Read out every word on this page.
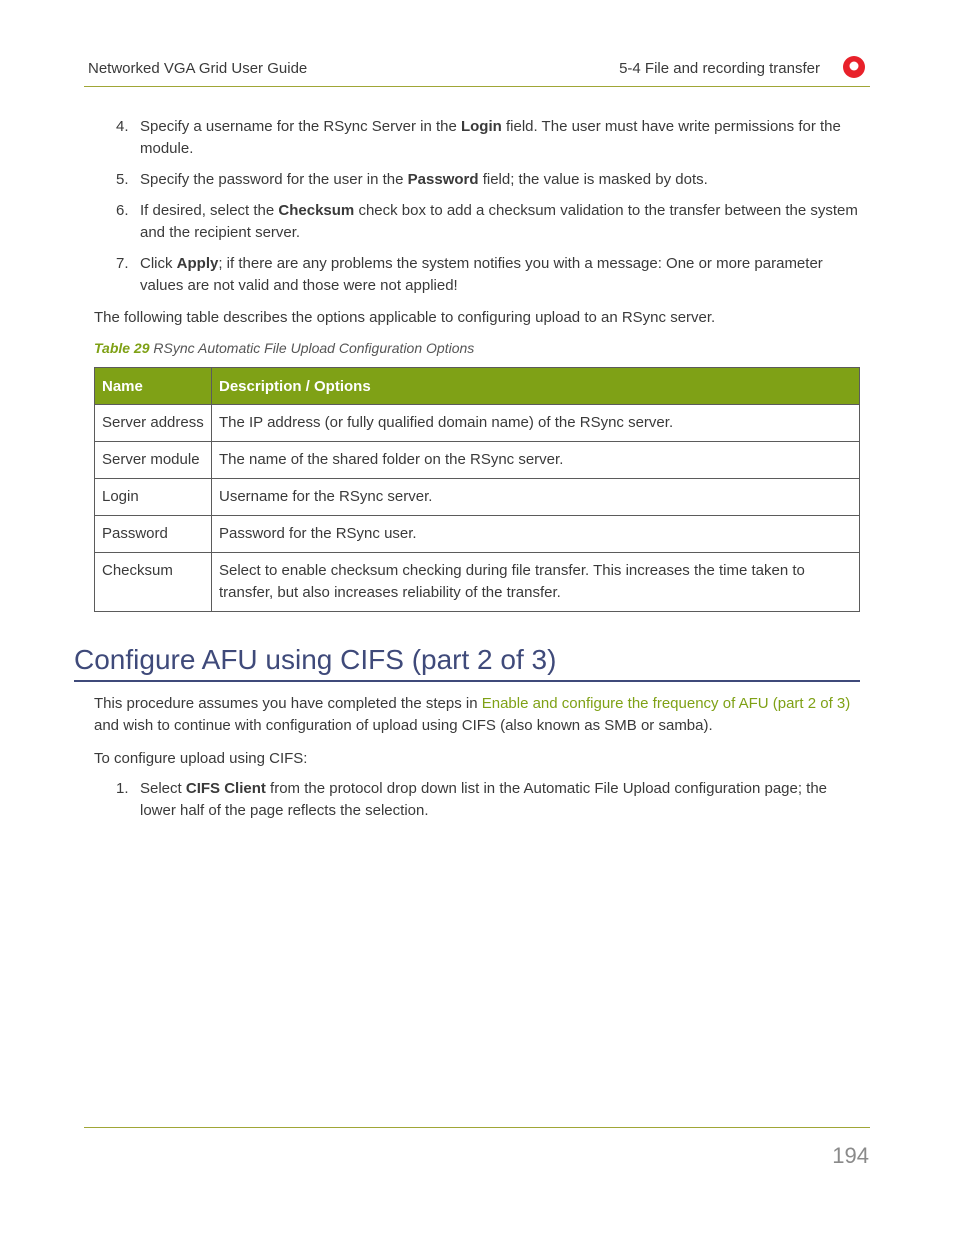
Networked VGA Grid User Guide	5-4 File and recording transfer
4. Specify a username for the RSync Server in the Login field. The user must have write permissions for the module.
5. Specify the password for the user in the Password field; the value is masked by dots.
6. If desired, select the Checksum check box to add a checksum validation to the transfer between the system and the recipient server.
7. Click Apply; if there are any problems the system notifies you with a message: One or more parameter values are not valid and those were not applied!

The following table describes the options applicable to configuring upload to an RSync server.

Table 29 RSync Automatic File Upload Configuration Options
Name	Description / Options
Server address	The IP address (or fully qualified domain name) of the RSync server.
Server module	The name of the shared folder on the RSync server.
Login	Username for the RSync server.
Password	Password for the RSync user.
Checksum	Select to enable checksum checking during file transfer. This increases the time taken to transfer, but also increases reliability of the transfer.
Configure AFU using CIFS (part 2 of 3)

This procedure assumes you have completed the steps in Enable and configure the frequency of AFU (part 2 of 3) and wish to continue with configuration of upload using CIFS (also known as SMB or samba).

To configure upload using CIFS:

1. Select CIFS Client from the protocol drop down list in the Automatic File Upload configuration page; the lower half of the page reflects the selection.
194
